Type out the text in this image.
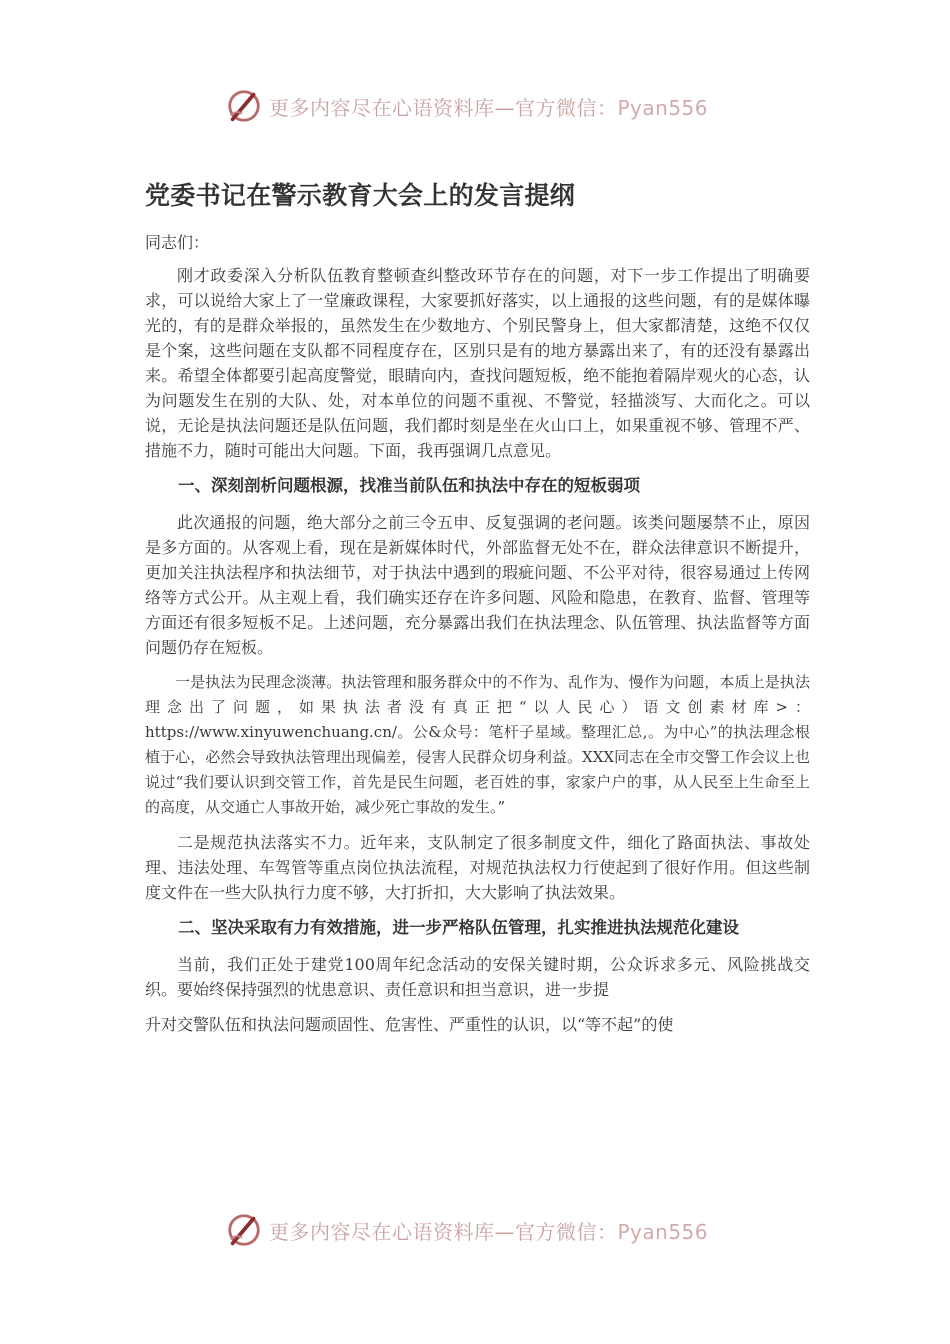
更多内容尽在心语资料库—官方微信：Pyan556
党委书记在警示教育大会上的发言提纲

同志们：

刚才政委深入分析队伍教育整顿查纠整改环节存在的问题，对下一步工作提出了明确要求，可以说给大家上了一堂廉政课程，大家要抓好落实，以上通报的这些问题，有的是媒体曝光的，有的是群众举报的，虽然发生在少数地方、个别民警身上，但大家都清楚，这绝不仅仅是个案，这些问题在支队都不同程度存在，区别只是有的地方暴露出来了，有的还没有暴露出来。希望全体都要引起高度警觉，眼睛向内，查找问题短板，绝不能抱着隔岸观火的心态，认为问题发生在别的大队、处，对本单位的问题不重视、不警觉，轻描淡写、大而化之。可以说，无论是执法问题还是队伍问题，我们都时刻是坐在火山口上，如果重视不够、管理不严、措施不力，随时可能出大问题。下面，我再强调几点意见。

一、深刻剖析问题根源，找准当前队伍和执法中存在的短板弱项

此次通报的问题，绝大部分之前三令五申、反复强调的老问题。该类问题屡禁不止，原因是多方面的。从客观上看，现在是新媒体时代，外部监督无处不在，群众法律意识不断提升，更加关注执法程序和执法细节，对于执法中遇到的瑕疵问题、不公平对待，很容易通过上传网络等方式公开。从主观上看，我们确实还存在许多问题、风险和隐患，在教育、监督、管理等方面还有很多短板不足。上述问题，充分暴露出我们在执法理念、队伍管理、执法监督等方面问题仍存在短板。

一是执法为民理念淡薄。执法管理和服务群众中的不作为、乱作为、慢作为问题，本质上是执法理念出了问题，如果执法者没有真正把“以人民心）语文创素材库>：https://www.xinyuwenchuang.cn/。公&众号：笔杆子星域。整理汇总,。为中心”的执法理念根植于心，必然会导致执法管理出现偏差，侵害人民群众切身利益。XXX同志在全市交警工作会议上也说过“我们要认识到交管工作，首先是民生问题，老百姓的事，家家户户的事，从人民至上生命至上的高度，从交通亡人事故开始，减少死亡事故的发生。”

二是规范执法落实不力。近年来，支队制定了很多制度文件，细化了路面执法、事故处理、违法处理、车驾管等重点岗位执法流程，对规范执法权力行使起到了很好作用。但这些制度文件在一些大队执行力度不够，大打折扣，大大影响了执法效果。

二、坚决采取有力有效措施，进一步严格队伍管理，扎实推进执法规范化建设

当前，我们正处于建党100周年纪念活动的安保关键时期，公众诉求多元、风险挑战交织。要始终保持强烈的忧患意识、责任意识和担当意识，进一步提

升对交警队伍和执法问题顽固性、危害性、严重性的认识，以“等不起”的使

更多内容尽在心语资料库—官方微信：Pyan556
